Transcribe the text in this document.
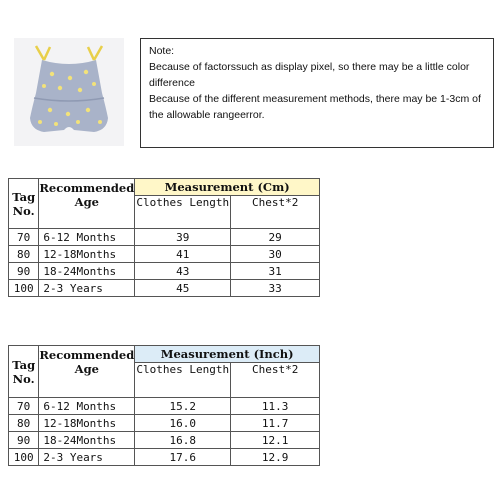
Note:

Because of factorssuch as display pixel, so there may be a little color difference

Because of the different measurement methods, there may be 1-3cm of the allowable rangeerror.

Tag
No.	Recommended Age	Measurement (Cm)	
		Clothes Length	Chest*2
70	6-12 Months	39	29
80	12-18Months	41	30
90	18-24Months	43	31
100	2-3 Years	45	33
Tag
No.	Recommended Age	Measurement (Inch)	
		Clothes Length	Chest*2
70	6-12 Months	15.2	11.3
80	12-18Months	16.0	11.7
90	18-24Months	16.8	12.1
100	2-3 Years	17.6	12.9
